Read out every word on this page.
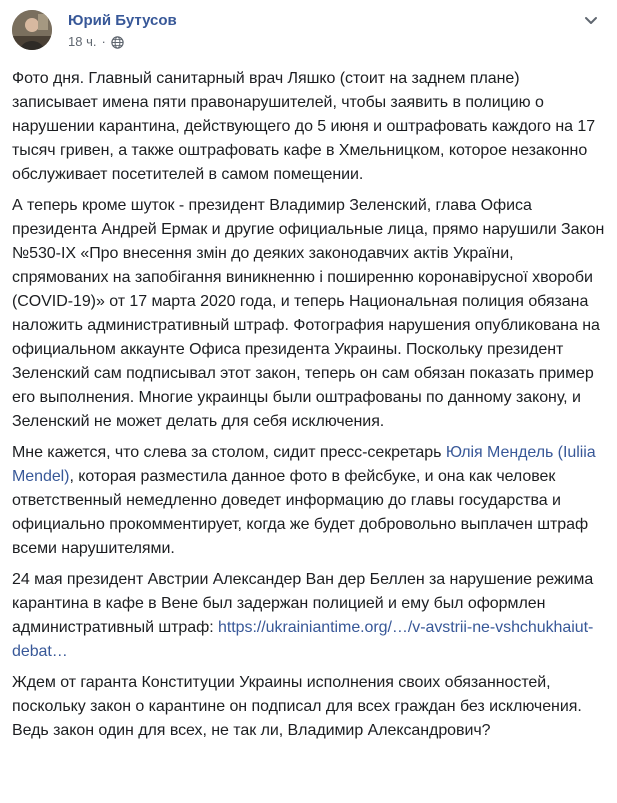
Юрий Бутусов
18 ч. ·

Фото дня. Главный санитарный врач Ляшко (стоит на заднем плане) записывает имена пяти правонарушителей, чтобы заявить в полицию о нарушении карантина, действующего до 5 июня и оштрафовать каждого на 17 тысяч гривен, а также оштрафовать кафе в Хмельницком, которое незаконно обслуживает посетителей в самом помещении.

А теперь кроме шуток - президент Владимир Зеленский, глава Офиса президента Андрей Ермак и другие официальные лица, прямо нарушили Закон №530-IX «Про внесення змін до деяких законодавчих актів України, спрямованих на запобігання виникненню і поширенню коронавірусної хвороби (COVID-19)» от 17 марта 2020 года, и теперь Национальная полиция обязана наложить административный штраф. Фотография нарушения опубликована на официальном аккаунте Офиса президента Украины. Поскольку президент Зеленский сам подписывал этот закон, теперь он сам обязан показать пример его выполнения. Многие украинцы были оштрафованы по данному закону, и Зеленский не может делать для себя исключения.

Мне кажется, что слева за столом, сидит пресс-секретарь Юлія Мендель (Iuliia Mendel), которая разместила данное фото в фейсбуке, и она как человек ответственный немедленно доведет информацию до главы государства и официально прокомментирует, когда же будет добровольно выплачен штраф всеми нарушителями.

24 мая президент Австрии Александер Ван дер Беллен за нарушение режима карантина в кафе в Вене был задержан полицией и ему был оформлен административный штраф: https://ukrainiantime.org/…/v-avstrii-ne-vshchukhaiut-debat…

Ждем от гаранта Конституции Украины исполнения своих обязанностей, поскольку закон о карантине он подписал для всех граждан без исключения. Ведь закон один для всех, не так ли, Владимир Александрович?
